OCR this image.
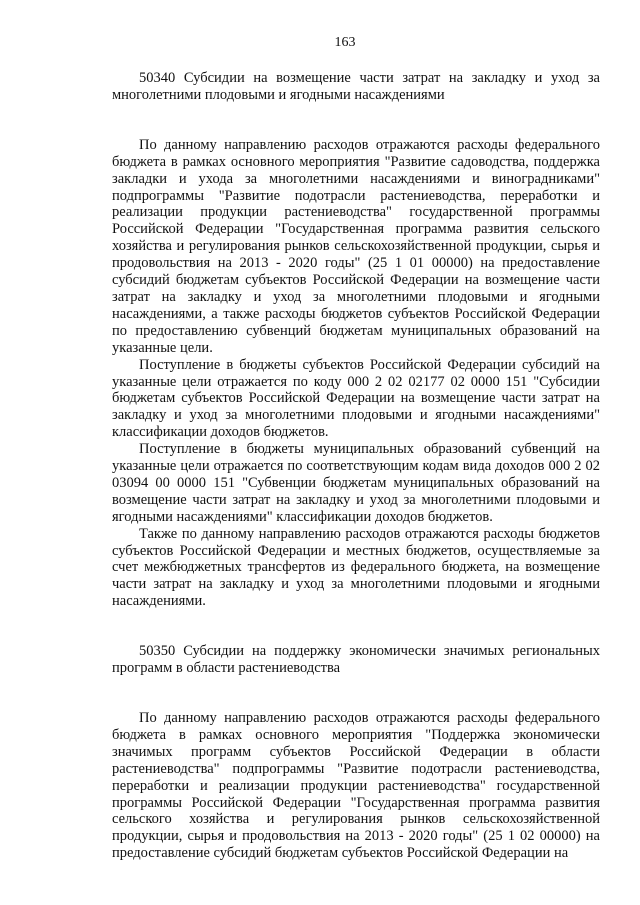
163

50340 Субсидии на возмещение части затрат на закладку и уход за многолетними плодовыми и ягодными насаждениями

По данному направлению расходов отражаются расходы федерального бюджета в рамках основного мероприятия "Развитие садоводства, поддержка закладки и ухода за многолетними насаждениями и виноградниками" подпрограммы "Развитие подотрасли растениеводства, переработки и реализации продукции растениеводства" государственной программы Российской Федерации "Государственная программа развития сельского хозяйства и регулирования рынков сельскохозяйственной продукции, сырья и продовольствия на 2013 - 2020 годы" (25 1 01 00000) на предоставление субсидий бюджетам субъектов Российской Федерации на возмещение части затрат на закладку и уход за многолетними плодовыми и ягодными насаждениями, а также расходы бюджетов субъектов Российской Федерации по предоставлению субвенций бюджетам муниципальных образований на указанные цели.

Поступление в бюджеты субъектов Российской Федерации субсидий на указанные цели отражается по коду 000 2 02 02177 02 0000 151 "Субсидии бюджетам субъектов Российской Федерации на возмещение части затрат на закладку и уход за многолетними плодовыми и ягодными насаждениями" классификации доходов бюджетов.

Поступление в бюджеты муниципальных образований субвенций на указанные цели отражается по соответствующим кодам вида доходов 000 2 02 03094 00 0000 151 "Субвенции бюджетам муниципальных образований на возмещение части затрат на закладку и уход за многолетними плодовыми и ягодными насаждениями" классификации доходов бюджетов.

Также по данному направлению расходов отражаются расходы бюджетов субъектов Российской Федерации и местных бюджетов, осуществляемые за счет межбюджетных трансфертов из федерального бюджета, на возмещение части затрат на закладку и уход за многолетними плодовыми и ягодными насаждениями.

50350 Субсидии на поддержку экономически значимых региональных программ в области растениеводства

По данному направлению расходов отражаются расходы федерального бюджета в рамках основного мероприятия "Поддержка экономически значимых программ субъектов Российской Федерации в области растениеводства" подпрограммы "Развитие подотрасли растениеводства, переработки и реализации продукции растениеводства" государственной программы Российской Федерации "Государственная программа развития сельского хозяйства и регулирования рынков сельскохозяйственной продукции, сырья и продовольствия на 2013 - 2020 годы" (25 1 02 00000) на предоставление субсидий бюджетам субъектов Российской Федерации на
